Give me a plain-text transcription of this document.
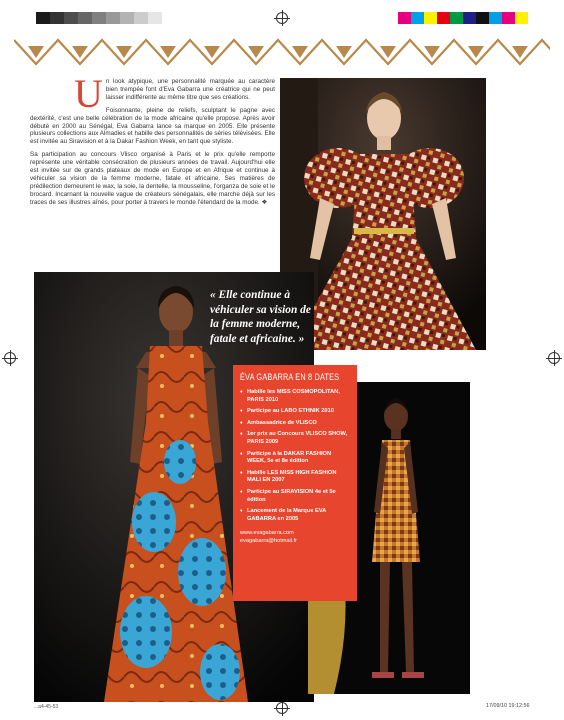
U n look atypique, une personnalité marquée au caractère bien trempée font d'Eva Gabarra une créatrice qui ne peut laisser indifférente au même titre que ses créations.

Foisonnante, pleine de reliefs, sculptant le pagne avec dextérité, c'est une belle célébration de la mode africaine qu'elle propose. Après avoir débuté en 2000 au Sénégal, Eva Gabarra lance sa marque en 2005. Elle présente plusieurs collections aux Almadies et habille des personnalités de séries télévisées. Elle est invitée au Siravision et à la Dakar Fashion Week, en tant que styliste.

Sa participation au concours Vlisco organisé à Paris et le prix qu'elle remporte représente une véritable consécration de plusieurs années de travail. Aujourd'hui elle est invitée sur de grands plateaux de mode en Europe et en Afrique et continue à véhiculer sa vision de la femme moderne, fatale et africaine. Ses matières de prédilection demeurent le wax, la soie, la dentelle, la mousseline, l'organza de soie et le brocard. Incarnant la nouvelle vague de créateurs sénégalais, elle marche déjà sur les traces de ses illustres aînés, pour porter à travers le monde l'étendard de la mode. ❖

« Elle continue à véhiculer sa vision de la femme moderne, fatale et africaine. »
ÉVA GABARRA EN 8 DATES
♦ Habille les MISS COSMOPOLITAN, PARIS 2010
♦ Participe au LABO ETHNIK 2010
♦ Ambassadrice de VLISCO
♦ 1er prix au Concours VLISCO SHOW, PARIS 2009
♦ Participe à la DAKAR FASHION WEEK, 5e et 8e édition
♦ Habille LES MISS HIGH FASHION MALI EN 2007
♦ Participe au SIRAVISION 4e et 5e édition
♦ Lancement de la Marque EVA GABARRA en 2005
www.evagabarra.com
evagabarra@hotmail.fr
...a4-45-53	17/09/10 19:12:56
